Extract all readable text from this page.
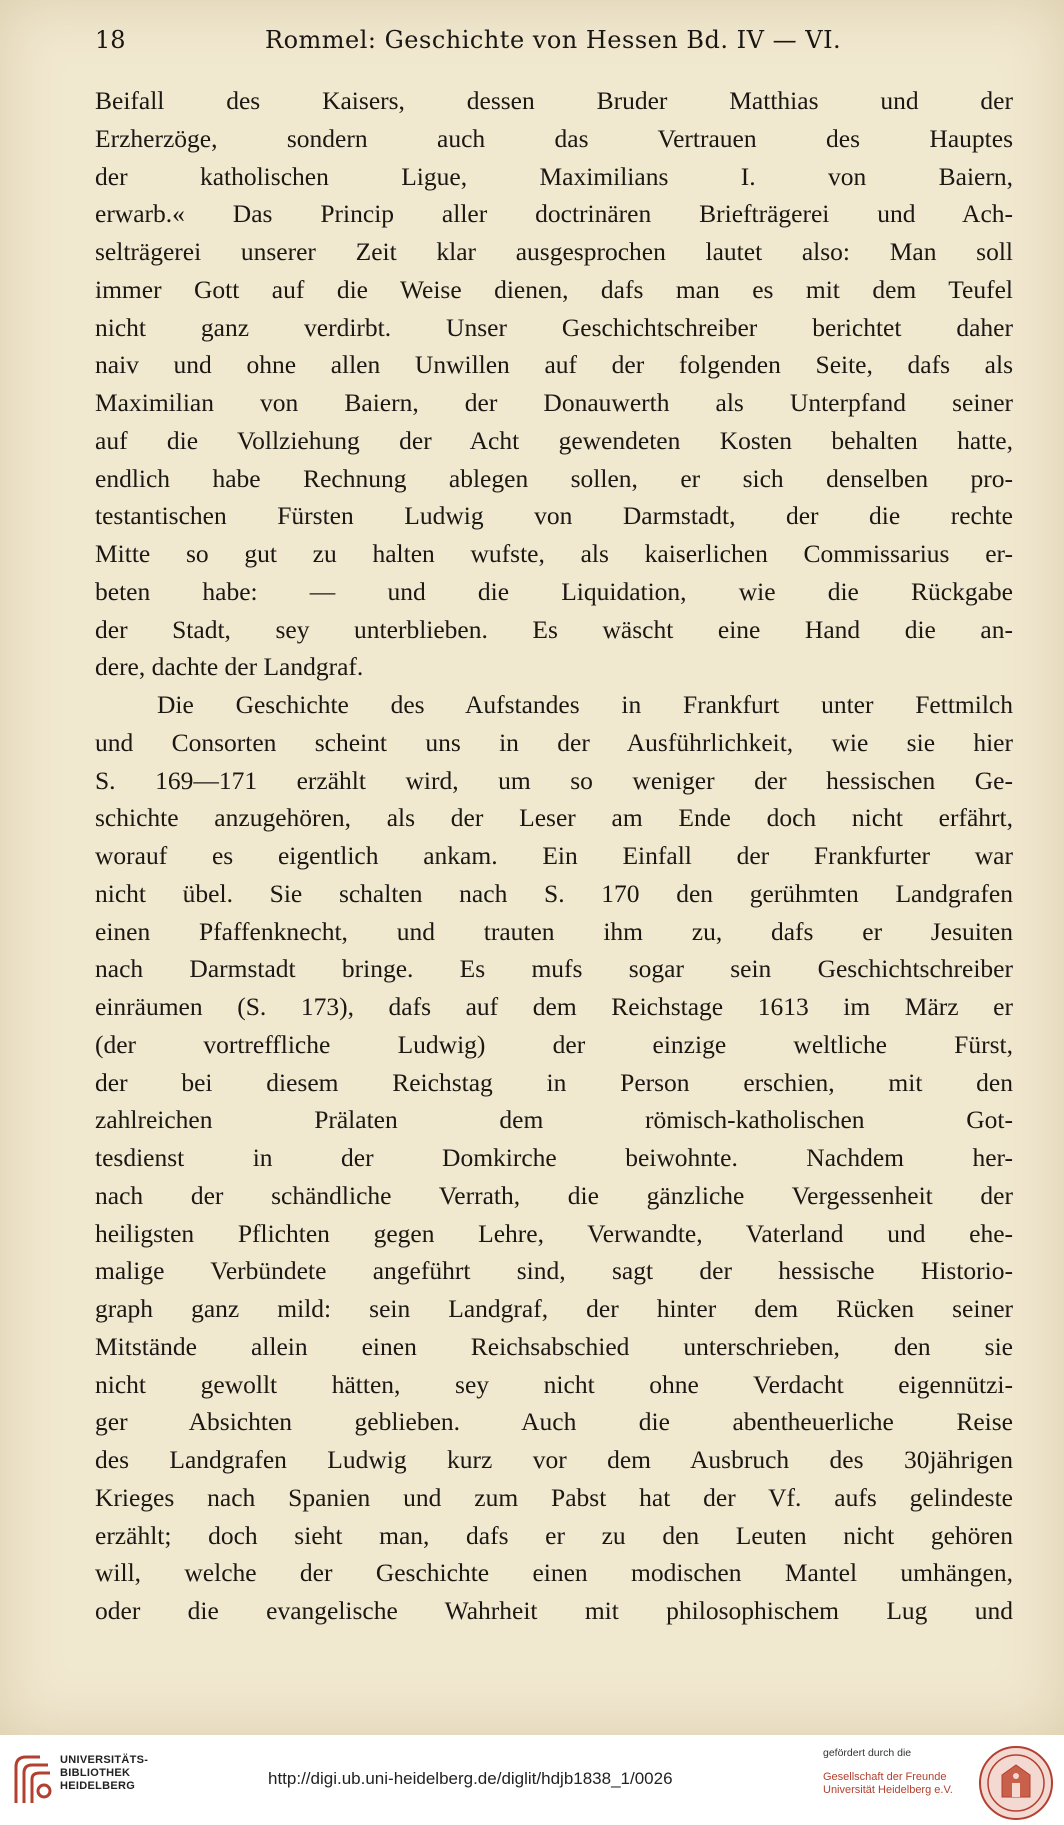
18	Rommel: Geschichte von Hessen Bd. IV — VI.
Beifall des Kaisers, dessen Bruder Matthias und der
Erzherzöge, sondern auch das Vertrauen des Hauptes
der katholischen Ligue, Maximilians I. von Baiern,
erwarb.« Das Princip aller doctrinären Briefträgerei und Ach-
selträgerei unserer Zeit klar ausgesprochen lautet also: Man soll
immer Gott auf die Weise dienen, dafs man es mit dem Teufel
nicht ganz verdirbt. Unser Geschichtschreiber berichtet daher
naiv und ohne allen Unwillen auf der folgenden Seite, dafs als
Maximilian von Baiern, der Donauwerth als Unterpfand seiner
auf die Vollziehung der Acht gewendeten Kosten behalten hatte,
endlich habe Rechnung ablegen sollen, er sich denselben pro-
testantischen Fürsten Ludwig von Darmstadt, der die rechte
Mitte so gut zu halten wufste, als kaiserlichen Commissarius er-
beten habe: — und die Liquidation, wie die Rückgabe
der Stadt, sey unterblieben. Es wäscht eine Hand die an-
dere, dachte der Landgraf.
Die Geschichte des Aufstandes in Frankfurt unter Fettmilch
und Consorten scheint uns in der Ausführlichkeit, wie sie hier
S. 169—171 erzählt wird, um so weniger der hessischen Ge-
schichte anzugehören, als der Leser am Ende doch nicht erfährt,
worauf es eigentlich ankam. Ein Einfall der Frankfurter war
nicht übel. Sie schalten nach S. 170 den gerühmten Landgrafen
einen Pfaffenknecht, und trauten ihm zu, dafs er Jesuiten
nach Darmstadt bringe. Es mufs sogar sein Geschichtschreiber
einräumen (S. 173), dafs auf dem Reichstage 1613 im März er
(der vortreffliche Ludwig) der einzige weltliche Fürst,
der bei diesem Reichstag in Person erschien, mit den
zahlreichen Prälaten dem römisch-katholischen Got-
tesdienst in der Domkirche beiwohnte. Nachdem her-
nach der schändliche Verrath, die gänzliche Vergessenheit der
heiligsten Pflichten gegen Lehre, Verwandte, Vaterland und ehe-
malige Verbündete angeführt sind, sagt der hessische Historio-
graph ganz mild: sein Landgraf, der hinter dem Rücken seiner
Mitstände allein einen Reichsabschied unterschrieben, den sie
nicht gewollt hätten, sey nicht ohne Verdacht eigennützi-
ger Absichten geblieben. Auch die abentheuerliche Reise
des Landgrafen Ludwig kurz vor dem Ausbruch des 30jährigen
Krieges nach Spanien und zum Pabst hat der Vf. aufs gelindeste
erzählt; doch sieht man, dafs er zu den Leuten nicht gehören
will, welche der Geschichte einen modischen Mantel umhängen,
oder die evangelische Wahrheit mit philosophischem Lug und
UNIVERSITÄTS-
BIBLIOTHEK
HEIDELBERG	http://digi.ub.uni-heidelberg.de/diglit/hdjb1838_1/0026
gefördert durch die
Gesellschaft der Freunde
Universität Heidelberg e.V.
